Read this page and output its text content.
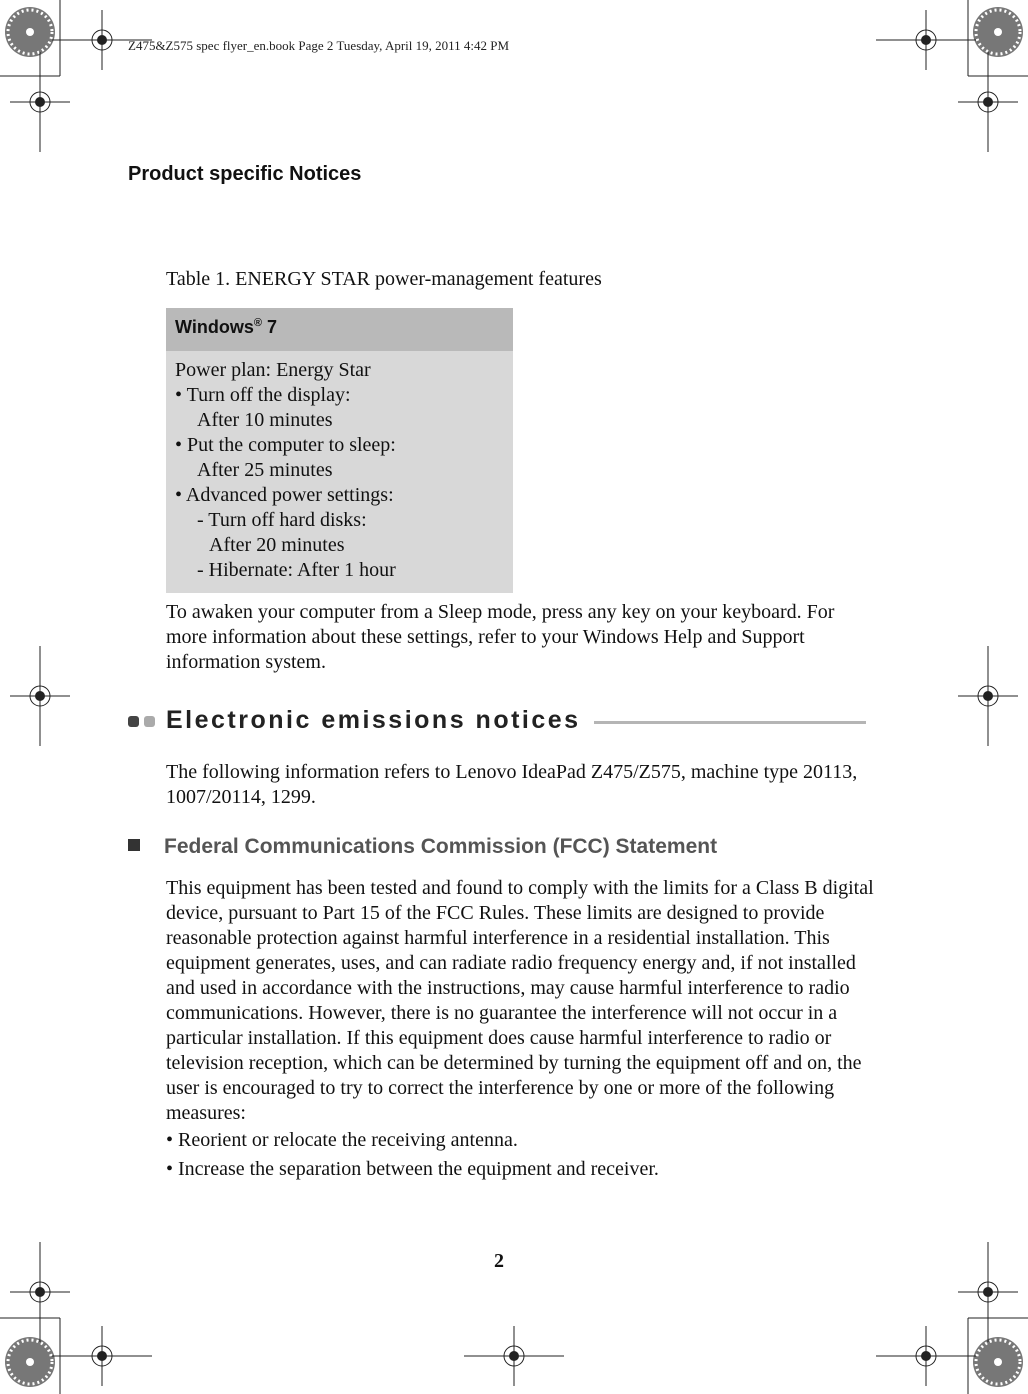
Z475&Z575 spec flyer_en.book Page 2 Tuesday, April 19, 2011 4:42 PM
Product specific Notices
Table 1. ENERGY STAR power-management features
Windows® 7
Power plan: Energy Star
• Turn off the display:
After 10 minutes
• Put the computer to sleep:
After 25 minutes
• Advanced power settings:
- Turn off hard disks:
After 20 minutes
- Hibernate: After 1 hour
To awaken your computer from a Sleep mode, press any key on your keyboard. For more information about these settings, refer to your Windows Help and Support information system.
Electronic emissions notices
The following information refers to Lenovo IdeaPad Z475/Z575, machine type 20113, 1007/20114, 1299.
Federal Communications Commission (FCC) Statement
This equipment has been tested and found to comply with the limits for a Class B digital device, pursuant to Part 15 of the FCC Rules. These limits are designed to provide reasonable protection against harmful interference in a residential installation. This equipment generates, uses, and can radiate radio frequency energy and, if not installed and used in accordance with the instructions, may cause harmful interference to radio communications. However, there is no guarantee the interference will not occur in a particular installation. If this equipment does cause harmful interference to radio or television reception, which can be determined by turning the equipment off and on, the user is encouraged to try to correct the interference by one or more of the following measures:
• Reorient or relocate the receiving antenna.
• Increase the separation between the equipment and receiver.
2
